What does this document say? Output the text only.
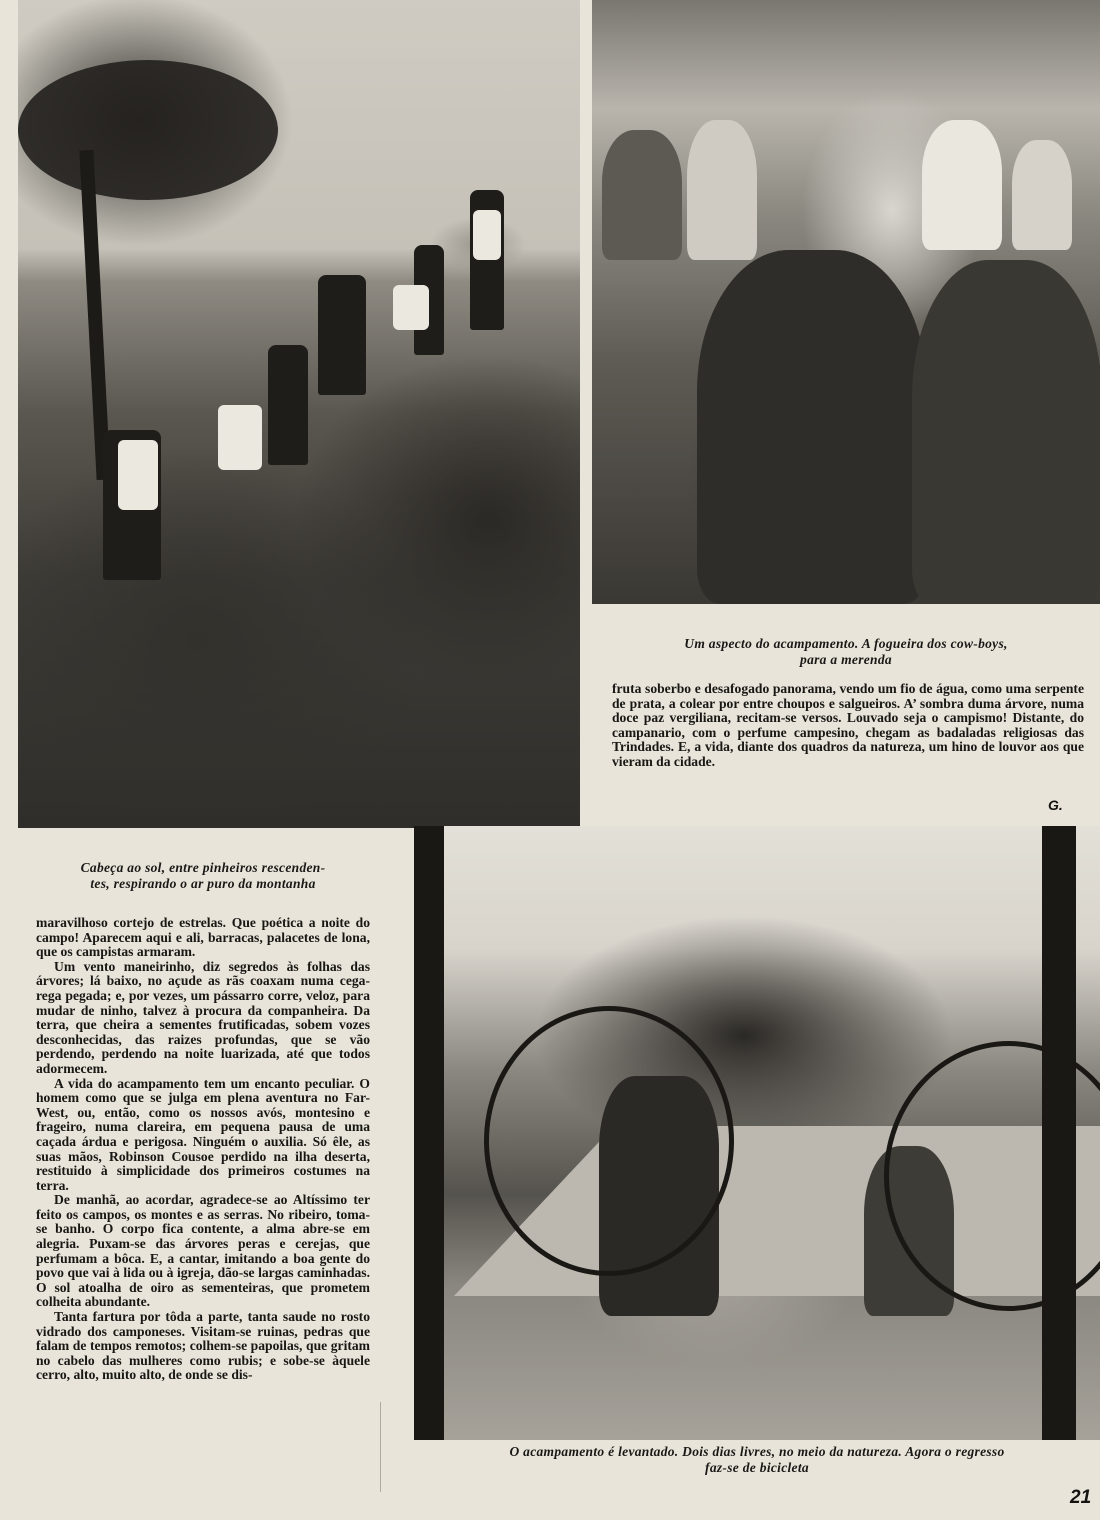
Um aspecto do acampamento. A fogueira dos cow-boys,
para a merenda

fruta soberbo e desafogado panorama, vendo um fio de água, como uma serpente de prata, a colear por entre choupos e salgueiros. A’ sombra duma árvore, numa doce paz vergiliana, recitam-se versos. Louvado seja o campismo! Distante, do campanario, com o perfume campesino, chegam as badaladas religiosas das Trindades. E, a vida, diante dos quadros da natureza, um hino de louvor aos que vieram da cidade.

G.
O acampamento é levantado. Dois dias livres, no meio da natureza. Agora o regresso
faz-se de bicicleta
Cabeça ao sol, entre pinheiros rescenden-
tes, respirando o ar puro da montanha

maravilhoso cortejo de estrelas. Que poética a noite do campo! Aparecem aqui e ali, barracas, palacetes de lona, que os campistas armaram.

Um vento maneirinho, diz segredos às folhas das árvores; lá baixo, no açude as rãs coaxam numa cega-rega pegada; e, por vezes, um pássarro corre, veloz, para mudar de ninho, talvez à procura da companheira. Da terra, que cheira a sementes frutificadas, sobem vozes desconhecidas, das raizes profundas, que se vão perdendo, perdendo na noite luarizada, até que todos adormecem.

A vida do acampamento tem um encanto peculiar. O homem como que se julga em plena aventura no Far-West, ou, então, como os nossos avós, montesino e frageiro, numa clareira, em pequena pausa de uma caçada árdua e perigosa. Ninguém o auxilia. Só êle, as suas mãos, Robinson Cousoe perdido na ilha deserta, restituido à simplicidade dos primeiros costumes na terra.

De manhã, ao acordar, agradece-se ao Altíssimo ter feito os campos, os montes e as serras. No ribeiro, toma-se banho. O corpo fica contente, a alma abre-se em alegria. Puxam-se das árvores peras e cerejas, que perfumam a bôca. E, a cantar, imitando a boa gente do povo que vai à lida ou à igreja, dão-se largas caminhadas. O sol atoalha de oiro as sementeiras, que prometem colheita abundante.

Tanta fartura por tôda a parte, tanta saude no rosto vidrado dos camponeses. Visitam-se ruinas, pedras que falam de tempos remotos; colhem-se papoilas, que gritam no cabelo das mulheres como rubis; e sobe-se àquele cerro, alto, muito alto, de onde se dis-

21
